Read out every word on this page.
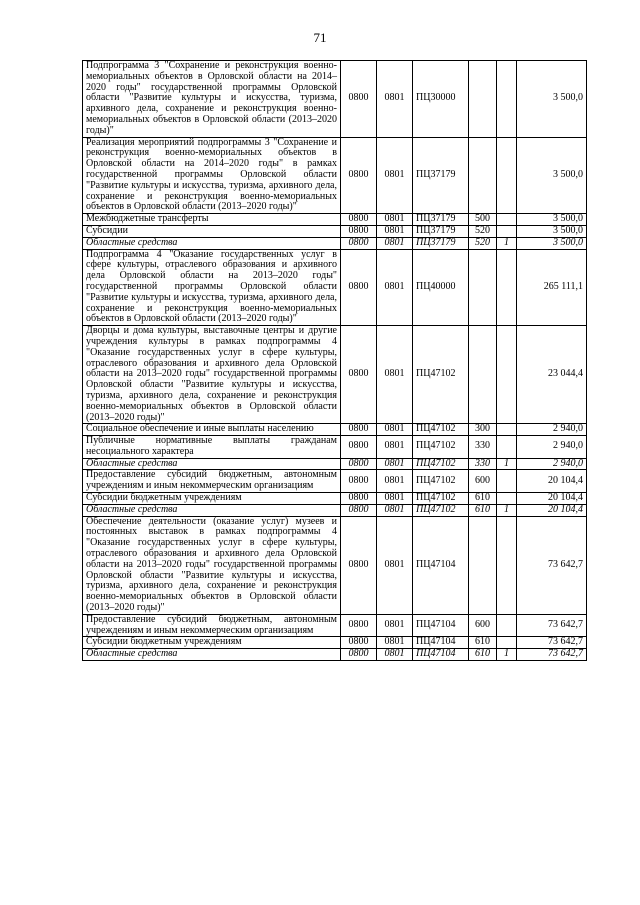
71
Подпрограмма 3 "Сохранение и реконструкция военно-мемориальных объектов в Орловской области на 2014–2020 годы" государственной программы Орловской области "Развитие культуры и искусства, туризма, архивного дела, сохранение и реконструкция военно-мемориальных объектов в Орловской области (2013–2020 годы)"	0800	0801	ПЦ30000			3 500,0
Реализация мероприятий подпрограммы 3 "Сохранение и реконструкция военно-мемориальных объектов в Орловской области на 2014–2020 годы" в рамках государственной программы Орловской области "Развитие культуры и искусства, туризма, архивного дела, сохранение и реконструкция военно-мемориальных объектов в Орловской области (2013–2020 годы)"	0800	0801	ПЦ37179			3 500,0
Межбюджетные трансферты	0800	0801	ПЦ37179	500		3 500,0
Субсидии	0800	0801	ПЦ37179	520		3 500,0
Областные средства	0800	0801	ПЦ37179	520	1	3 500,0
Подпрограмма 4 "Оказание государственных услуг в сфере культуры, отраслевого образования и архивного дела Орловской области на 2013–2020 годы" государственной программы Орловской области "Развитие культуры и искусства, туризма, архивного дела, сохранение и реконструкция военно-мемориальных объектов в Орловской области (2013–2020 годы)"	0800	0801	ПЦ40000			265 111,1
Дворцы и дома культуры, выставочные центры и другие учреждения культуры в рамках подпрограммы 4 "Оказание государственных услуг в сфере культуры, отраслевого образования и архивного дела Орловской области на 2013–2020 годы" государственной программы Орловской области "Развитие культуры и искусства, туризма, архивного дела, сохранение и реконструкция военно-мемориальных объектов в Орловской области (2013–2020 годы)"	0800	0801	ПЦ47102			23 044,4
Социальное обеспечение и иные выплаты населению	0800	0801	ПЦ47102	300		2 940,0
Публичные нормативные выплаты гражданам несоциального характера	0800	0801	ПЦ47102	330		2 940,0
Областные средства	0800	0801	ПЦ47102	330	1	2 940,0
Предоставление субсидий бюджетным, автономным учреждениям и иным некоммерческим организациям	0800	0801	ПЦ47102	600		20 104,4
Субсидии бюджетным учреждениям	0800	0801	ПЦ47102	610		20 104,4
Областные средства	0800	0801	ПЦ47102	610	1	20 104,4
Обеспечение деятельности (оказание услуг) музеев и постоянных выставок в рамках подпрограммы 4 "Оказание государственных услуг в сфере культуры, отраслевого образования и архивного дела Орловской области на 2013–2020 годы" государственной программы Орловской области "Развитие культуры и искусства, туризма, архивного дела, сохранение и реконструкция военно-мемориальных объектов в Орловской области (2013–2020 годы)"	0800	0801	ПЦ47104			73 642,7
Предоставление субсидий бюджетным, автономным учреждениям и иным некоммерческим организациям	0800	0801	ПЦ47104	600		73 642,7
Субсидии бюджетным учреждениям	0800	0801	ПЦ47104	610		73 642,7
Областные средства	0800	0801	ПЦ47104	610	1	73 642,7
